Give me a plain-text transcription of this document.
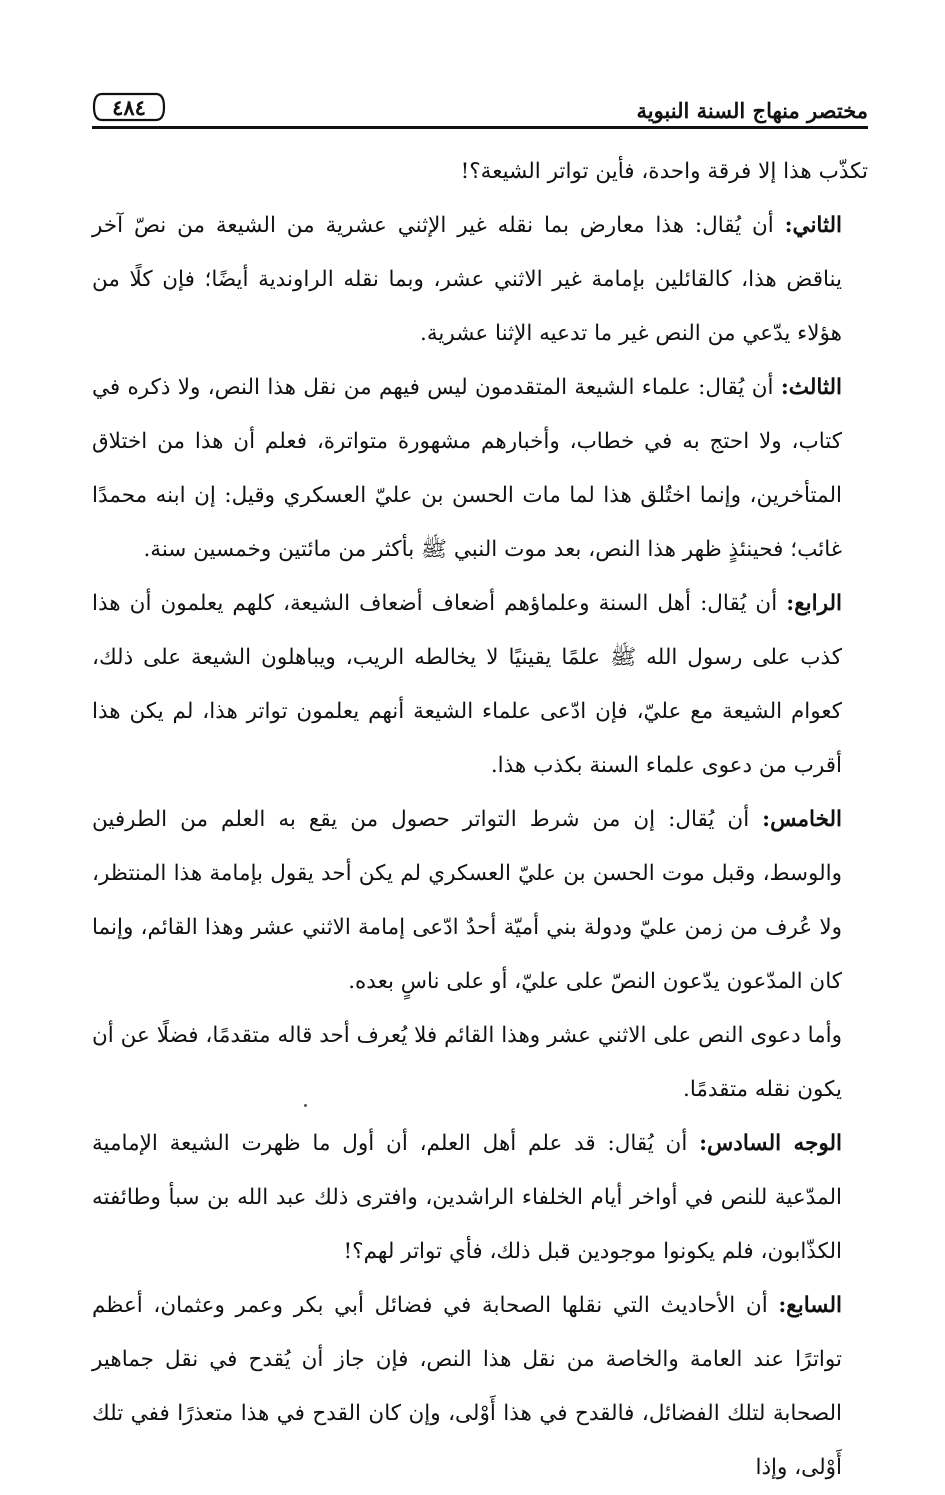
مختصر منهاج السنة النبوية
٤٨٤

تكذّب هذا إلا فرقة واحدة، فأين تواتر الشيعة؟!

الثاني: أن يُقال: هذا معارض بما نقله غير الإثني عشرية من الشيعة من نصّ آخر يناقض هذا، كالقائلين بإمامة غير الاثني عشر، وبما نقله الراوندية أيضًا؛ فإن كلًا من هؤلاء يدّعي من النص غير ما تدعيه الإثنا عشرية.

الثالث: أن يُقال: علماء الشيعة المتقدمون ليس فيهم من نقل هذا النص، ولا ذكره في كتاب، ولا احتج به في خطاب، وأخبارهم مشهورة متواترة، فعلم أن هذا من اختلاق المتأخرين، وإنما اختُلق هذا لما مات الحسن بن عليّ العسكري وقيل: إن ابنه محمدًا غائب؛ فحينئذٍ ظهر هذا النص، بعد موت النبي ﷺ بأكثر من مائتين وخمسين سنة.

الرابع: أن يُقال: أهل السنة وعلماؤهم أضعاف أضعاف الشيعة، كلهم يعلمون أن هذا كذب على رسول الله ﷺ علمًا يقينيًا لا يخالطه الريب، ويباهلون الشيعة على ذلك، كعوام الشيعة مع عليّ، فإن ادّعى علماء الشيعة أنهم يعلمون تواتر هذا، لم يكن هذا أقرب من دعوى علماء السنة بكذب هذا.

الخامس: أن يُقال: إن من شرط التواتر حصول من يقع به العلم من الطرفين والوسط، وقبل موت الحسن بن عليّ العسكري لم يكن أحد يقول بإمامة هذا المنتظر، ولا عُرف من زمن عليّ ودولة بني أميّة أحدٌ ادّعى إمامة الاثني عشر وهذا القائم، وإنما كان المدّعون يدّعون النصّ على عليّ، أو على ناسٍ بعده.

وأما دعوى النص على الاثني عشر وهذا القائم فلا يُعرف أحد قاله متقدمًا، فضلًا عن أن يكون نقله متقدمًا.

الوجه السادس: أن يُقال: قد علم أهل العلم، أن أول ما ظهرت الشيعة الإمامية المدّعية للنص في أواخر أيام الخلفاء الراشدين، وافترى ذلك عبد الله بن سبأ وطائفته الكذّابون، فلم يكونوا موجودين قبل ذلك، فأي تواتر لهم؟!

السابع: أن الأحاديث التي نقلها الصحابة في فضائل أبي بكر وعمر وعثمان، أعظم تواترًا عند العامة والخاصة من نقل هذا النص، فإن جاز أن يُقدح في نقل جماهير الصحابة لتلك الفضائل، فالقدح في هذا أَوْلى، وإن كان القدح في هذا متعذرًا ففي تلك أَوْلى، وإذا
